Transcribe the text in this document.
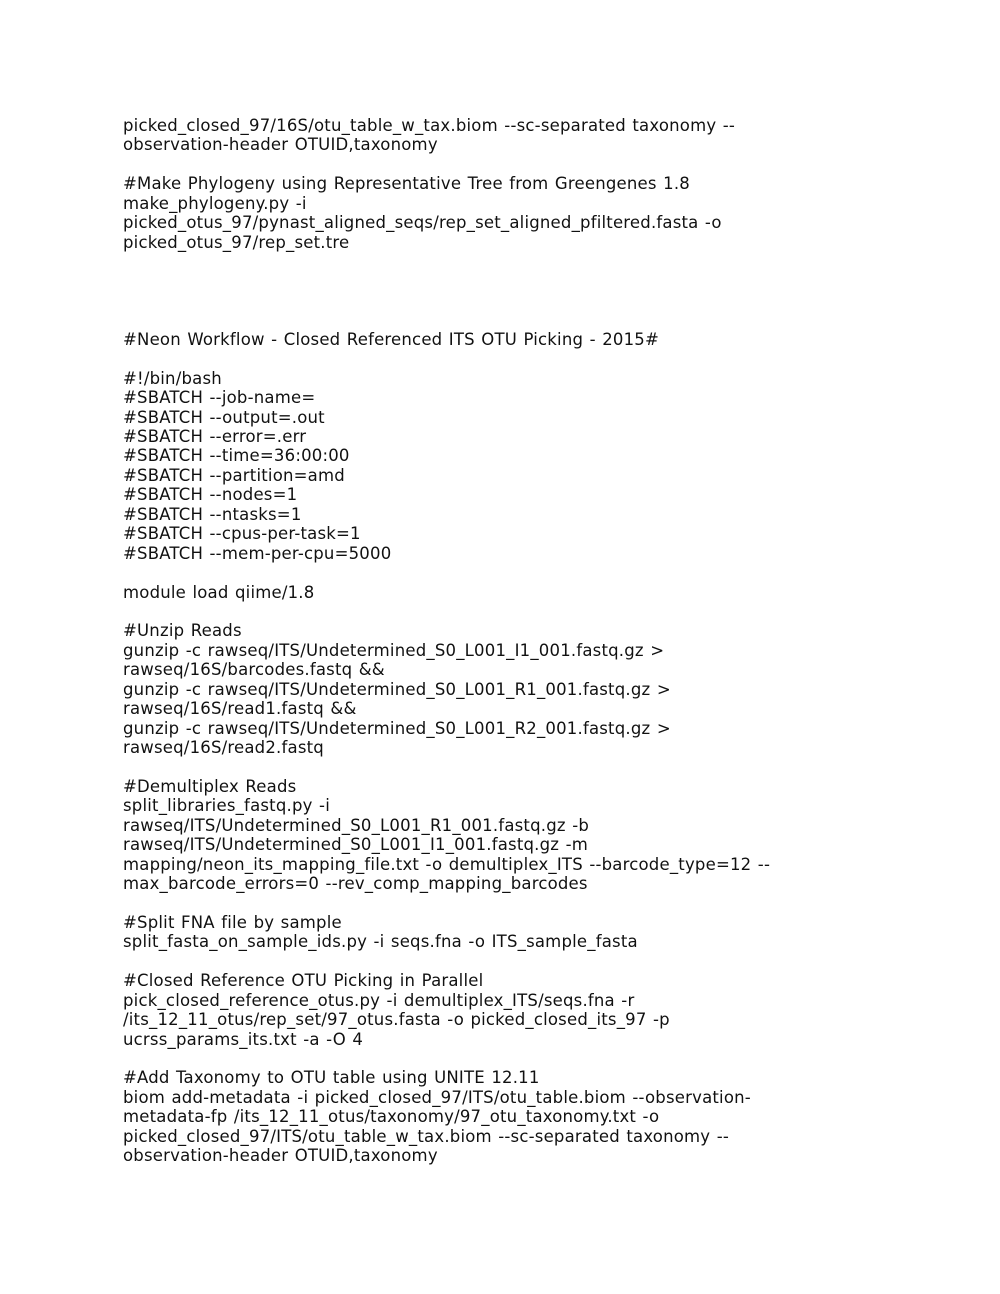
picked_closed_97/16S/otu_table_w_tax.biom --sc-separated taxonomy --
observation-header OTUID,taxonomy
#Make Phylogeny using Representative Tree from Greengenes 1.8
make_phylogeny.py -i
picked_otus_97/pynast_aligned_seqs/rep_set_aligned_pfiltered.fasta -o
picked_otus_97/rep_set.tre
#Neon Workflow - Closed Referenced ITS OTU Picking - 2015#
#!/bin/bash
#SBATCH --job-name=
#SBATCH --output=.out
#SBATCH --error=.err
#SBATCH --time=36:00:00
#SBATCH --partition=amd
#SBATCH --nodes=1
#SBATCH --ntasks=1
#SBATCH --cpus-per-task=1
#SBATCH --mem-per-cpu=5000
module load qiime/1.8
#Unzip Reads
gunzip -c rawseq/ITS/Undetermined_S0_L001_I1_001.fastq.gz >
rawseq/16S/barcodes.fastq &&
gunzip -c rawseq/ITS/Undetermined_S0_L001_R1_001.fastq.gz >
rawseq/16S/read1.fastq &&
gunzip -c rawseq/ITS/Undetermined_S0_L001_R2_001.fastq.gz >
rawseq/16S/read2.fastq
#Demultiplex Reads
split_libraries_fastq.py -i
rawseq/ITS/Undetermined_S0_L001_R1_001.fastq.gz -b
rawseq/ITS/Undetermined_S0_L001_I1_001.fastq.gz -m
mapping/neon_its_mapping_file.txt -o demultiplex_ITS --barcode_type=12 --
max_barcode_errors=0 --rev_comp_mapping_barcodes
#Split FNA file by sample
split_fasta_on_sample_ids.py -i seqs.fna -o ITS_sample_fasta
#Closed Reference OTU Picking in Parallel
pick_closed_reference_otus.py -i demultiplex_ITS/seqs.fna -r
/its_12_11_otus/rep_set/97_otus.fasta -o picked_closed_its_97 -p
ucrss_params_its.txt -a -O 4
#Add Taxonomy to OTU table using UNITE 12.11
biom add-metadata -i picked_closed_97/ITS/otu_table.biom --observation-
metadata-fp /its_12_11_otus/taxonomy/97_otu_taxonomy.txt -o
picked_closed_97/ITS/otu_table_w_tax.biom --sc-separated taxonomy --
observation-header OTUID,taxonomy
